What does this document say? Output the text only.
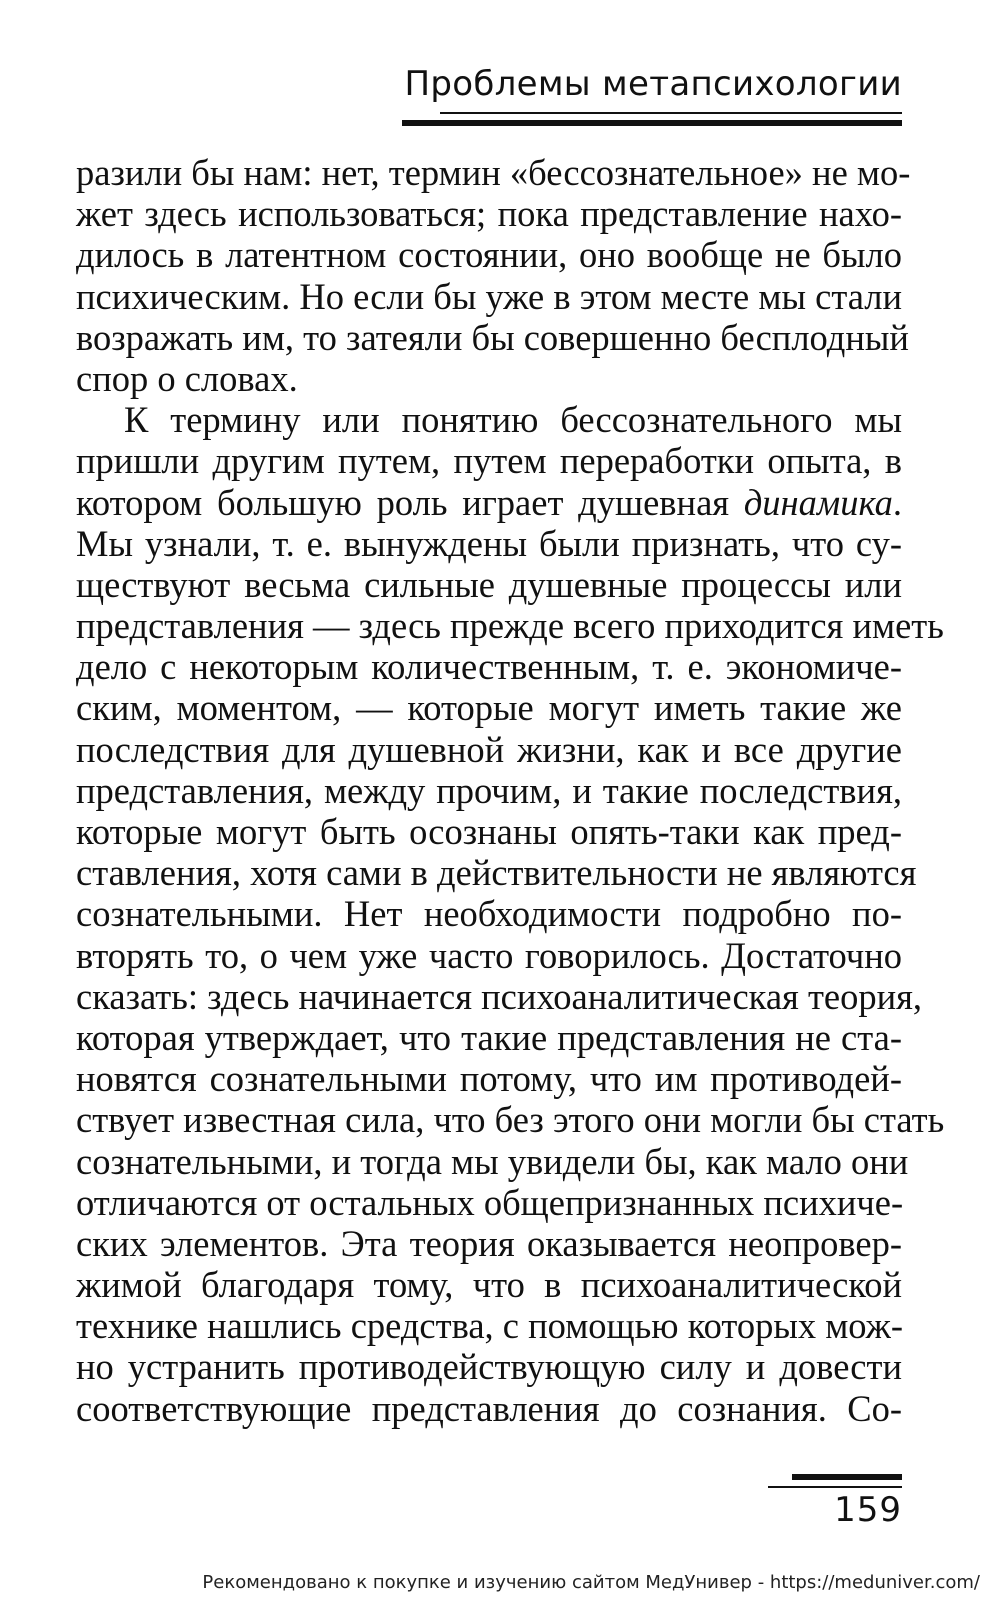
Проблемы метапсихологии
разили бы нам: нет, термин «бессознательное» не мо-
жет здесь использоваться; пока представление нахо-
дилось в латентном состоянии, оно вообще не было
психическим. Но если бы уже в этом месте мы стали
возражать им, то затеяли бы совершенно бесплодный
спор о словах.
К термину или понятию бессознательного мы
пришли другим путем, путем переработки опыта, в
котором большую роль играет душевная динамика.
Мы узнали, т. е. вынуждены были признать, что су-
ществуют весьма сильные душевные процессы или
представления — здесь прежде всего приходится иметь
дело с некоторым количественным, т. е. экономиче-
ским, моментом, — которые могут иметь такие же
последствия для душевной жизни, как и все другие
представления, между прочим, и такие последствия,
которые могут быть осознаны опять-таки как пред-
ставления, хотя сами в действительности не являются
сознательными. Нет необходимости подробно по-
вторять то, о чем уже часто говорилось. Достаточно
сказать: здесь начинается психоаналитическая теория,
которая утверждает, что такие представления не ста-
новятся сознательными потому, что им противодей-
ствует известная сила, что без этого они могли бы стать
сознательными, и тогда мы увидели бы, как мало они
отличаются от остальных общепризнанных психиче-
ских элементов. Эта теория оказывается неопровер-
жимой благодаря тому, что в психоаналитической
технике нашлись средства, с помощью которых мож-
но устранить противодействующую силу и довести
соответствующие представления до сознания. Со-
159
Рекомендовано к покупке и изучению сайтом МедУнивер - https://meduniver.com/
